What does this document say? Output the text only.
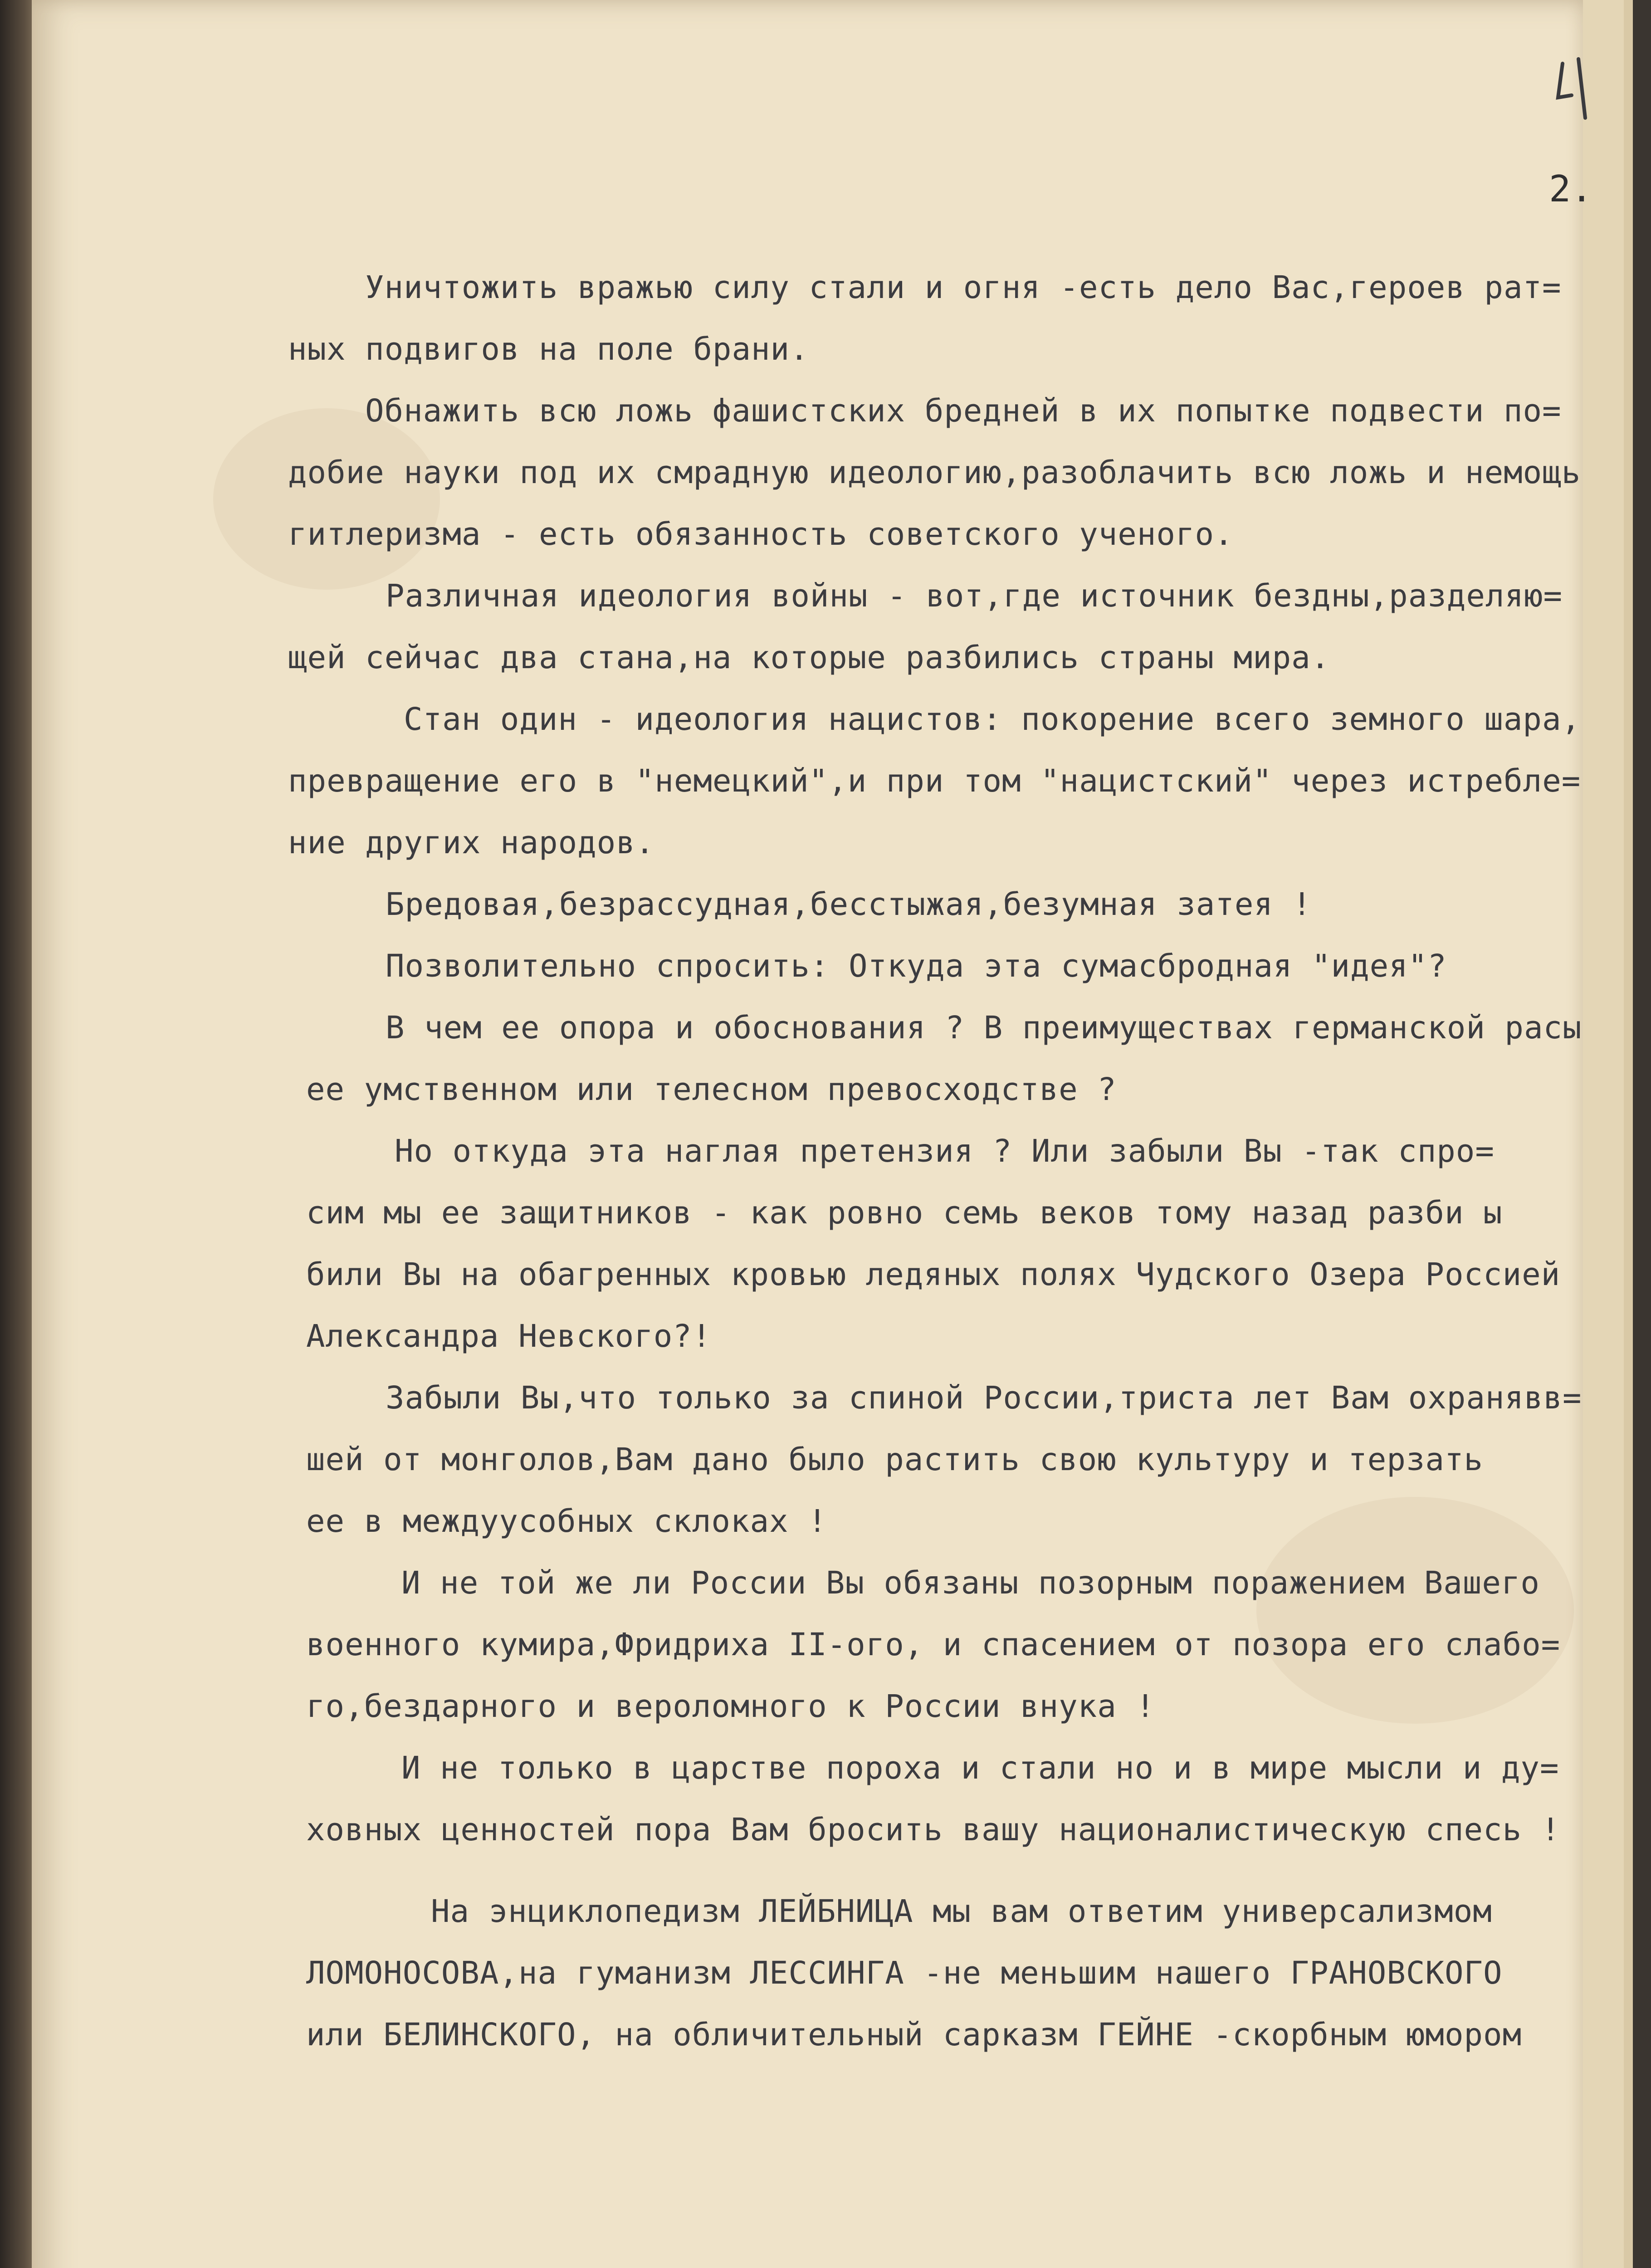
2.
Уничтожить вражью силу стали и огня -есть дело Вас,героев рат=
ных подвигов на поле брани.
Обнажить всю ложь фашистских бредней в их попытке подвести по=
добие науки под их смрадную идеологию,разоблачить всю ложь и немощь
гитлеризма - есть обязанность советского ученого.
Различная идеология войны - вот,где источник бездны,разделяю=
щей сейчас два стана,на которые разбились страны мира.
Стан один - идеология нацистов: покорение всего земного шара,
превращение его в "немецкий",и при том "нацистский" через истребле=
ние других народов.
Бредовая,безрассудная,бесстыжая,безумная затея !
Позволительно спросить: Откуда эта сумасбродная "идея"?
В чем ее опора и обоснования ? В преимуществах германской расы
ее умственном или телесном превосходстве ?
Но откуда эта наглая претензия ? Или забыли Вы -так спро=
сим мы ее защитников - как ровно семь веков тому назад разби ы
били Вы на обагренных кровью ледяных полях Чудского Озера Россией
Александра Невского?!
Забыли Вы,что только за спиной России,триста лет Вам охранявв=
шей от монголов,Вам дано было растить свою культуру и терзать
ее в междуусобных склоках !
И не той же ли России Вы обязаны позорным поражением Вашего
военного кумира,Фридриха II-ого, и спасением от позора его слабо=
го,бездарного и вероломного к России внука !
И не только в царстве пороха и стали но и в мире мысли и ду=
ховных ценностей пора Вам бросить вашу националистическую спесь !
На энциклопедизм ЛЕЙБНИЦА мы вам ответим универсализмом
ЛОМОНОСОВА,на гуманизм ЛЕССИНГА -не меньшим нашего ГРАНОВСКОГО
или БЕЛИНСКОГО, на обличительный сарказм ГЕЙНЕ -скорбным юмором
